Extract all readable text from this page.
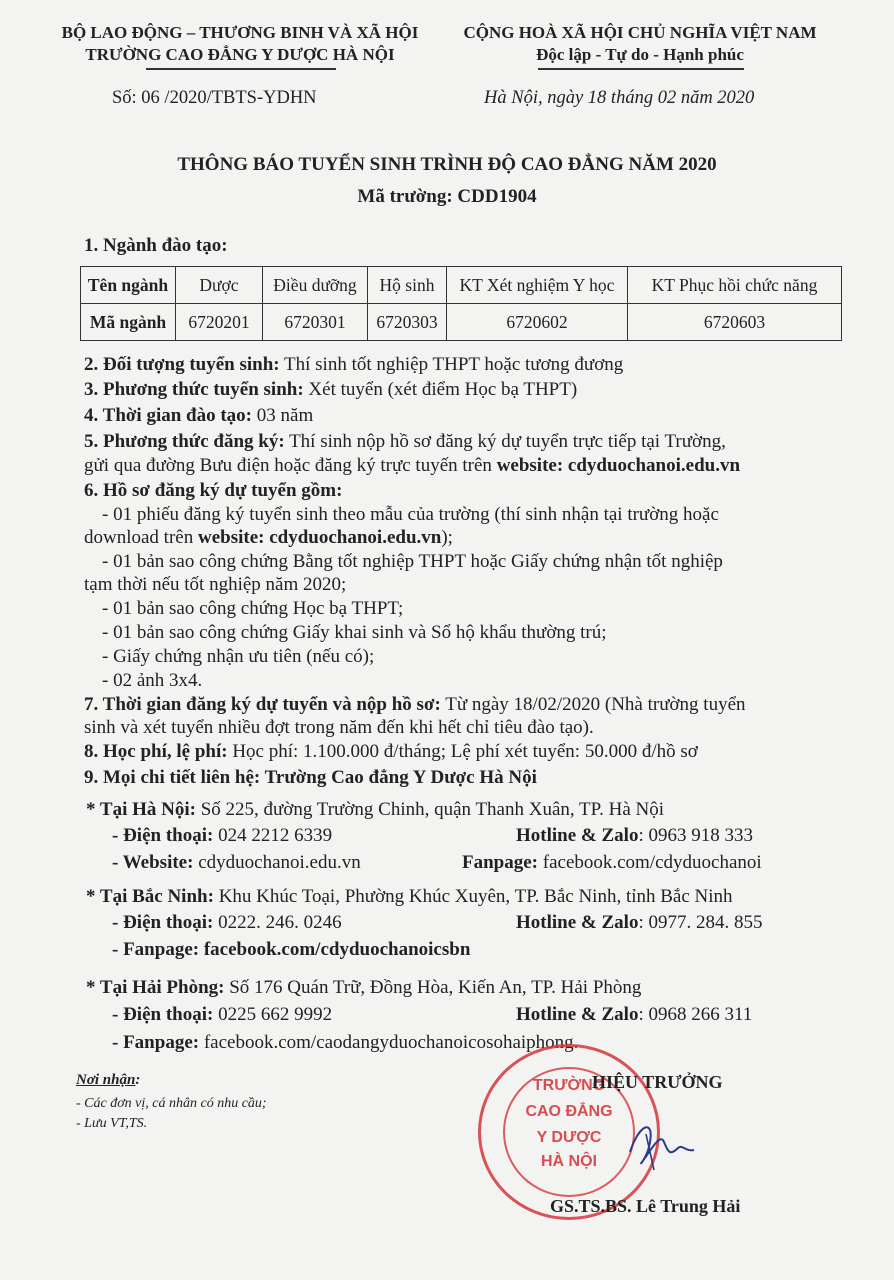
BỘ LAO ĐỘNG – THƯƠNG BINH VÀ XÃ HỘI
TRƯỜNG CAO ĐẲNG Y DƯỢC HÀ NỘI
CỘNG HOÀ XÃ HỘI CHỦ NGHĨA VIỆT NAM
Độc lập - Tự do - Hạnh phúc
Số: 06 /2020/TBTS-YDHN	Hà Nội, ngày 18 tháng 02 năm 2020
THÔNG BÁO TUYỂN SINH TRÌNH ĐỘ CAO ĐẲNG NĂM 2020
Mã trường: CDD1904
1. Ngành đào tạo:
Tên ngành	Dược	Điều dưỡng	Hộ sinh	KT Xét nghiệm Y học	KT Phục hồi chức năng
Mã ngành	6720201	6720301	6720303	6720602	6720603
2. Đối tượng tuyển sinh: Thí sinh tốt nghiệp THPT hoặc tương đương
3. Phương thức tuyển sinh: Xét tuyển (xét điểm Học bạ THPT)
4. Thời gian đào tạo: 03 năm
5. Phương thức đăng ký: Thí sinh nộp hồ sơ đăng ký dự tuyển trực tiếp tại Trường,
gửi qua đường Bưu điện hoặc đăng ký trực tuyến trên website: cdyduochanoi.edu.vn
6. Hồ sơ đăng ký dự tuyển gồm:
- 01 phiếu đăng ký tuyển sinh theo mẫu của trường (thí sinh nhận tại trường hoặc
download trên website: cdyduochanoi.edu.vn);
- 01 bản sao công chứng Bằng tốt nghiệp THPT hoặc Giấy chứng nhận tốt nghiệp
tạm thời nếu tốt nghiệp năm 2020;
- 01 bản sao công chứng Học bạ THPT;
- 01 bản sao công chứng Giấy khai sinh và Sổ hộ khẩu thường trú;
- Giấy chứng nhận ưu tiên (nếu có);
- 02 ảnh 3x4.
7. Thời gian đăng ký dự tuyển và nộp hồ sơ: Từ ngày 18/02/2020 (Nhà trường tuyển
sinh và xét tuyển nhiều đợt trong năm đến khi hết chỉ tiêu đào tạo).
8. Học phí, lệ phí: Học phí: 1.100.000 đ/tháng; Lệ phí xét tuyển: 50.000 đ/hồ sơ
9. Mọi chi tiết liên hệ: Trường Cao đẳng Y Dược Hà Nội
* Tại Hà Nội: Số 225, đường Trường Chinh, quận Thanh Xuân, TP. Hà Nội
- Điện thoại: 024 2212 6339	Hotline & Zalo: 0963 918 333
- Website: cdyduochanoi.edu.vn	Fanpage: facebook.com/cdyduochanoi
* Tại Bắc Ninh: Khu Khúc Toại, Phường Khúc Xuyên, TP. Bắc Ninh, tỉnh Bắc Ninh
- Điện thoại: 0222. 246. 0246	Hotline & Zalo: 0977. 284. 855
- Fanpage: facebook.com/cdyduochanoicsbn
* Tại Hải Phòng: Số 176 Quán Trữ, Đồng Hòa, Kiến An, TP. Hải Phòng
- Điện thoại: 0225 662 9992	Hotline & Zalo: 0968 266 311
- Fanpage: facebook.com/caodangyduochanoicosohaiphong.
Nơi nhận:
- Các đơn vị, cá nhân có nhu cầu;
- Lưu VT,TS.
TRƯỜNG
CAO ĐẲNG
Y DƯỢC
HÀ NỘI
HIỆU TRƯỞNG
GS.TS.BS. Lê Trung Hải
